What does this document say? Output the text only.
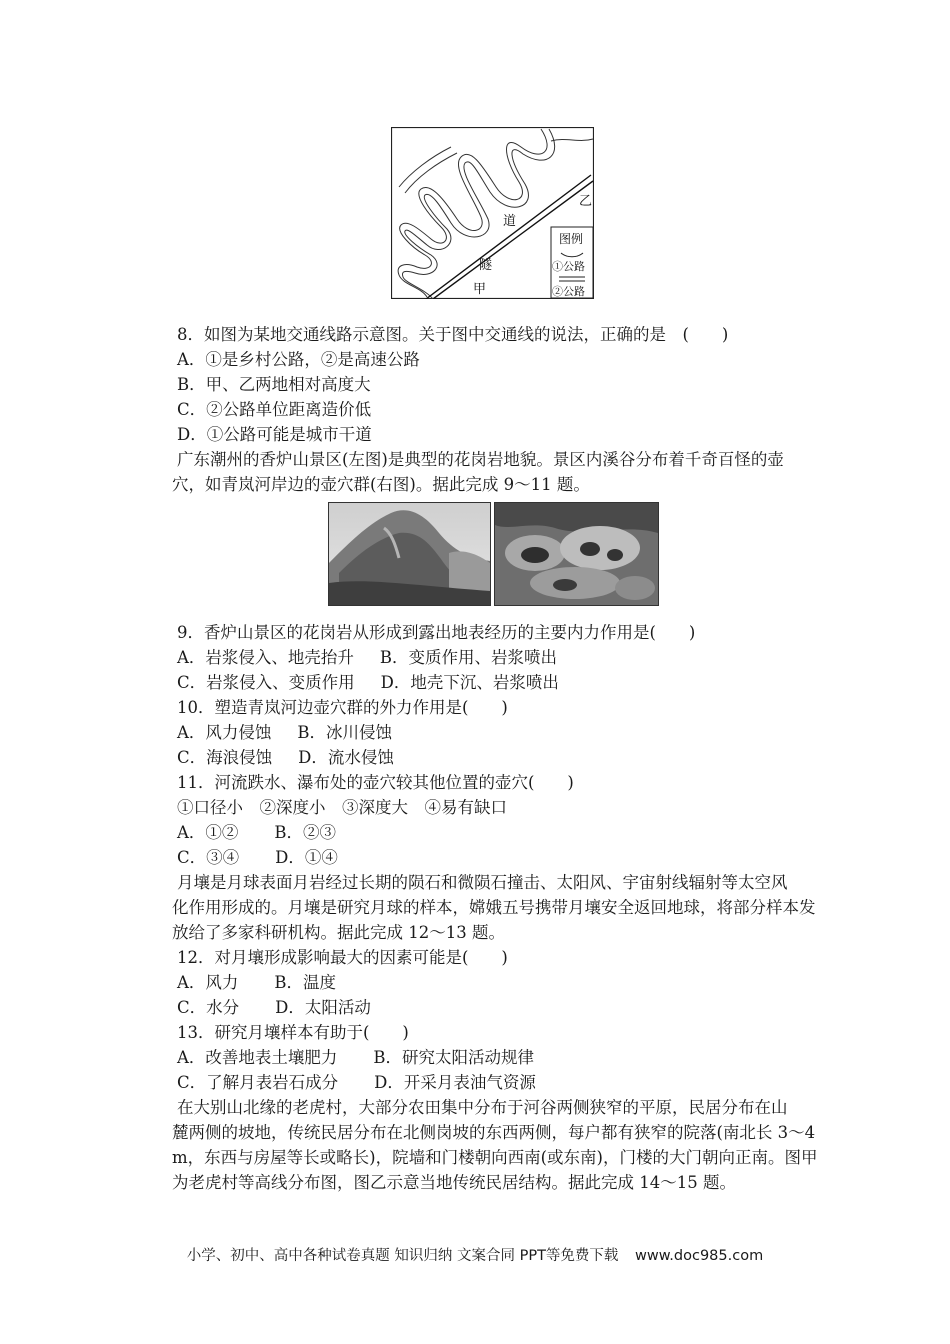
道
乙
隧
甲
图例
①公路
②公路
8．如图为某地交通线路示意图。关于图中交通线的说法，正确的是　(　　)
A．①是乡村公路，②是高速公路
B．甲、乙两地相对高度大
C．②公路单位距离造价低
D．①公路可能是城市干道
广东潮州的香炉山景区(左图)是典型的花岗岩地貌。景区内溪谷分布着千奇百怪的壶
穴，如青岚河岸边的壶穴群(右图)。据此完成 9～11 题。
9．香炉山景区的花岗岩从形成到露出地表经历的主要内力作用是(　　)
A．岩浆侵入、地壳抬升 B．变质作用、岩浆喷出
C．岩浆侵入、变质作用 D．地壳下沉、岩浆喷出
10．塑造青岚河边壶穴群的外力作用是(　　)
A．风力侵蚀 B．冰川侵蚀
C．海浪侵蚀 D．流水侵蚀
11．河流跌水、瀑布处的壶穴较其他位置的壶穴(　　)
①口径小　②深度小　③深度大　④易有缺口
A．①② B．②③
C．③④ D．①④
月壤是月球表面月岩经过长期的陨石和微陨石撞击、太阳风、宇宙射线辐射等太空风
化作用形成的。月壤是研究月球的样本，嫦娥五号携带月壤安全返回地球，将部分样本发
放给了多家科研机构。据此完成 12～13 题。
12．对月壤形成影响最大的因素可能是(　　)
A．风力 B．温度
C．水分 D．太阳活动
13．研究月壤样本有助于(　　)
A．改善地表土壤肥力 B．研究太阳活动规律
C．了解月表岩石成分 D．开采月表油气资源
在大别山北缘的老虎村，大部分农田集中分布于河谷两侧狭窄的平原，民居分布在山
麓两侧的坡地，传统民居分布在北侧岗坡的东西两侧，每户都有狭窄的院落(南北长 3～4
m，东西与房屋等长或略长)，院墙和门楼朝向西南(或东南)，门楼的大门朝向正南。图甲
为老虎村等高线分布图，图乙示意当地传统民居结构。据此完成 14～15 题。
小学、初中、高中各种试卷真题 知识归纳 文案合同 PPT等免费下载 www.doc985.com
